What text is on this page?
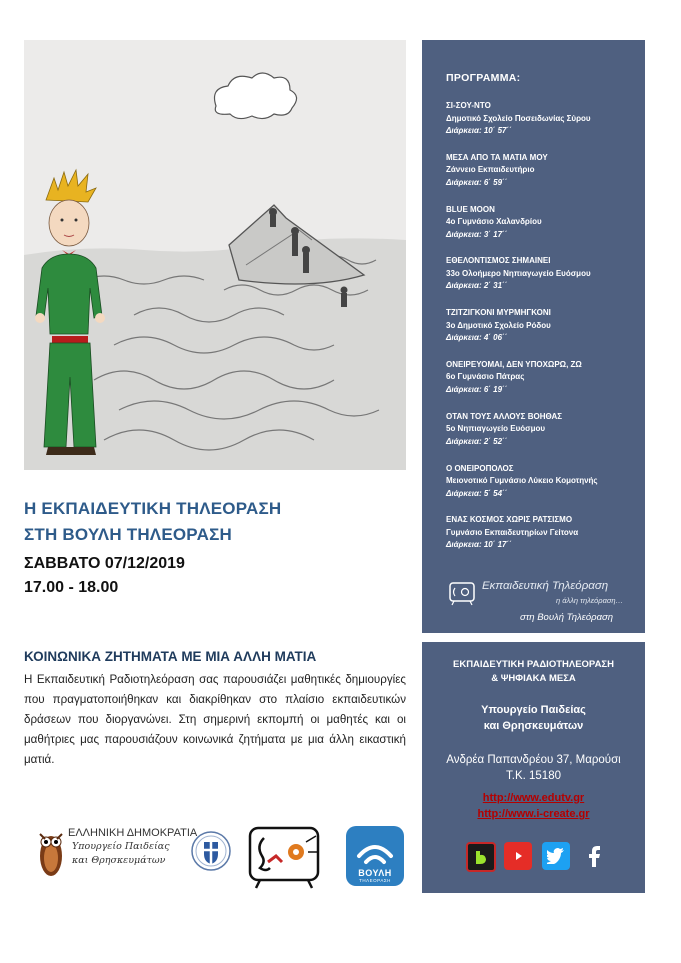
Η ΕΚΠΑΙΔΕΥΤΙΚΗ ΤΗΛΕΟΡΑΣΗ
ΣΤΗ ΒΟΥΛΗ ΤΗΛΕΟΡΑΣΗ
ΣΑΒΒΑΤΟ 07/12/2019
17.00 - 18.00
ΚΟΙΝΩΝΙΚΑ ΖΗΤΗΜΑΤΑ ΜΕ ΜΙΑ ΑΛΛΗ ΜΑΤΙΑ
Η Εκπαιδευτική Ραδιοτηλεόραση σας παρουσιάζει μαθητικές δημιουργίες που πραγματοποιήθηκαν και διακρίθηκαν στο πλαίσιο εκπαιδευτικών δράσεων που διοργανώνει. Στη σημερινή εκπομπή οι μαθητές και οι μαθήτριες μας παρουσιάζουν κοινωνικά ζητήματα με μια άλλη εικαστική ματιά.
ΕΛΛΗΝΙΚΗ ΔΗΜΟΚΡΑΤΙΑ
Υπουργείο Παιδείας
και Θρησκευμάτων
ΒΟΥΛΗ
ΤΗΛΕΟΡΑΣΗ
ΠΡΟΓΡΑΜΜΑ:
ΣΙ-ΣΟΥ-ΝΤΟ
Δημοτικό Σχολείο Ποσειδωνίας Σύρου
Διάρκεια: 10΄ 57΄΄
ΜΕΣΑ ΑΠΟ ΤΑ ΜΑΤΙΑ ΜΟΥ
Ζάννειο Εκπαιδευτήριο
Διάρκεια: 6΄ 59΄΄
BLUE MOON
4ο Γυμνάσιο Χαλανδρίου
Διάρκεια: 3΄ 17΄΄
ΕΘΕΛΟΝΤΙΣΜΟΣ ΣΗΜΑΙΝΕΙ
33ο Ολοήμερο Νηπιαγωγείο Ευόσμου
Διάρκεια: 2΄ 31΄΄
ΤΖΙΤΖΙΓΚΟΝΙ ΜΥΡΜΗΓΚΟΝΙ
3ο Δημοτικό Σχολείο Ρόδου
Διάρκεια: 4΄ 06΄΄
ΟΝΕΙΡΕΥΟΜΑΙ, ΔΕΝ ΥΠΟΧΩΡΩ, ΖΩ
6ο Γυμνάσιο Πάτρας
Διάρκεια: 6΄ 19΄΄
ΟΤΑΝ ΤΟΥΣ ΑΛΛΟΥΣ ΒΟΗΘΑΣ
5ο Νηπιαγωγείο Ευόσμου
Διάρκεια: 2΄ 52΄΄
Ο ΟΝΕΙΡΟΠΟΛΟΣ
Μειονοτικό Γυμνάσιο Λύκειο Κομοτηνής
Διάρκεια: 5΄ 54΄΄
ΕΝΑΣ ΚΟΣΜΟΣ ΧΩΡΙΣ ΡΑΤΣΙΣΜΟ
Γυμνάσιο Εκπαιδευτηρίων Γείτονα
Διάρκεια: 10΄ 17΄΄
Εκπαιδευτική Τηλεόραση
η άλλη τηλεόραση…
στη Βουλή Τηλεόραση
ΕΚΠΑΙΔΕΥΤΙΚΗ ΡΑΔΙΟΤΗΛΕΟΡΑΣΗ
& ΨΗΦΙΑΚΑ ΜΕΣΑ
Υπουργείο Παιδείας
και Θρησκευμάτων
Ανδρέα Παπανδρέου 37, Μαρούσι
Τ.Κ. 15180
http://www.edutv.gr
http://www.i-create.gr
